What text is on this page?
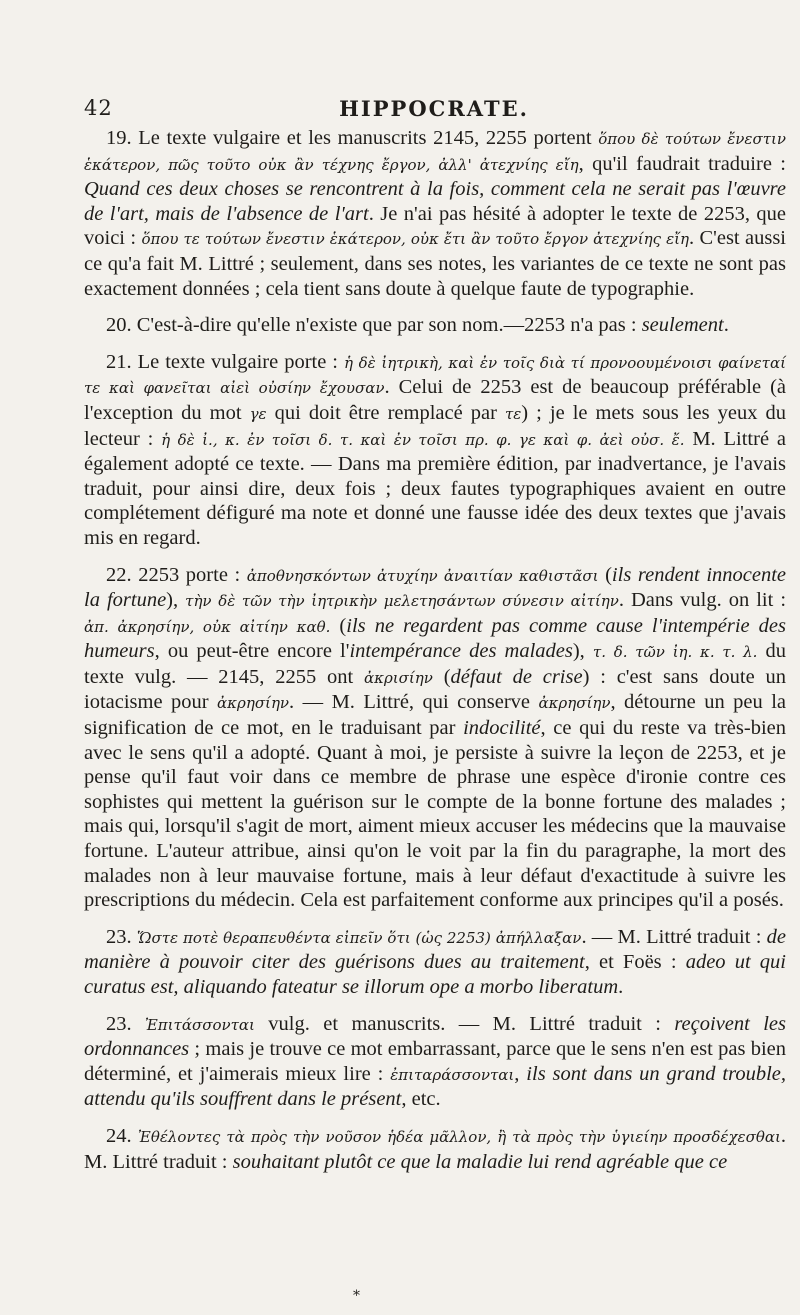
42	HIPPOCRATE.

19. Le texte vulgaire et les manuscrits 2145, 2255 portent ὅπου δὲ τούτων ἔνεστιν ἑκάτερον, πῶς τοῦτο οὐκ ἂν τέχνης ἔργον, ἀλλ' ἀτεχνίης εἴη, qu'il faudrait traduire : Quand ces deux choses se rencontrent à la fois, comment cela ne serait pas l'œuvre de l'art, mais de l'absence de l'art. Je n'ai pas hésité à adopter le texte de 2253, que voici : ὅπου τε τούτων ἔνεστιν ἑκάτερον, οὐκ ἔτι ἂν τοῦτο ἔργον ἀτεχνίης εἴη. C'est aussi ce qu'a fait M. Littré ; seulement, dans ses notes, les variantes de ce texte ne sont pas exactement données ; cela tient sans doute à quelque faute de typographie.

20. C'est-à-dire qu'elle n'existe que par son nom.—2253 n'a pas : seulement.

21. Le texte vulgaire porte : ἡ δὲ ἰητρικὴ, καὶ ἐν τοῖς διὰ τί προνοουμένοισι φαίνεταί τε καὶ φανεῖται αἰεὶ οὐσίην ἔχουσαν. Celui de 2253 est de beaucoup préférable (à l'exception du mot γε qui doit être remplacé par τε) ; je le mets sous les yeux du lecteur : ἡ δὲ ἰ., κ. ἐν τοῖσι δ. τ. καὶ ἐν τοῖσι πρ. φ. γε καὶ φ. ἀεὶ οὐσ. ἔ. M. Littré a également adopté ce texte. — Dans ma première édition, par inadvertance, je l'avais traduit, pour ainsi dire, deux fois ; deux fautes typographiques avaient en outre complétement défiguré ma note et donné une fausse idée des deux textes que j'avais mis en regard.

22. 2253 porte : ἀποθνησκόντων ἀτυχίην ἀναιτίαν καθιστᾶσι (ils rendent innocente la fortune), τὴν δὲ τῶν τὴν ἰητρικὴν μελετησάντων σύνεσιν αἰτίην. Dans vulg. on lit : ἀπ. ἀκρησίην, οὐκ αἰτίην καθ. (ils ne regardent pas comme cause l'intempérie des humeurs, ou peut-être encore l'intempérance des malades), τ. δ. τῶν ἰη. κ. τ. λ. du texte vulg. — 2145, 2255 ont ἀκρισίην (défaut de crise) : c'est sans doute un iotacisme pour ἀκρησίην. — M. Littré, qui conserve ἀκρησίην, détourne un peu la signification de ce mot, en le traduisant par indocilité, ce qui du reste va très-bien avec le sens qu'il a adopté. Quant à moi, je persiste à suivre la leçon de 2253, et je pense qu'il faut voir dans ce membre de phrase une espèce d'ironie contre ces sophistes qui mettent la guérison sur le compte de la bonne fortune des malades ; mais qui, lorsqu'il s'agit de mort, aiment mieux accuser les médecins que la mauvaise fortune. L'auteur attribue, ainsi qu'on le voit par la fin du paragraphe, la mort des malades non à leur mauvaise fortune, mais à leur défaut d'exactitude à suivre les prescriptions du médecin. Cela est parfaitement conforme aux principes qu'il a posés.

23. Ὥστε ποτὲ θεραπευθέντα εἰπεῖν ὅτι (ὡς 2253) ἀπήλλαξαν. — M. Littré traduit : de manière à pouvoir citer des guérisons dues au traitement, et Foës : adeo ut qui curatus est, aliquando fateatur se illorum ope a morbo liberatum.

23. Ἐπιτάσσονται vulg. et manuscrits. — M. Littré traduit : reçoivent les ordonnances ; mais je trouve ce mot embarrassant, parce que le sens n'en est pas bien déterminé, et j'aimerais mieux lire : ἐπιταράσσονται, ils sont dans un grand trouble, attendu qu'ils souffrent dans le présent, etc.

24. Ἐθέλοντες τὰ πρὸς τὴν νοῦσον ἡδέα μᾶλλον, ἢ τὰ πρὸς τὴν ὑγιείην προσδέχεσθαι. M. Littré traduit : souhaitant plutôt ce que la maladie lui rend agréable que ce

*
